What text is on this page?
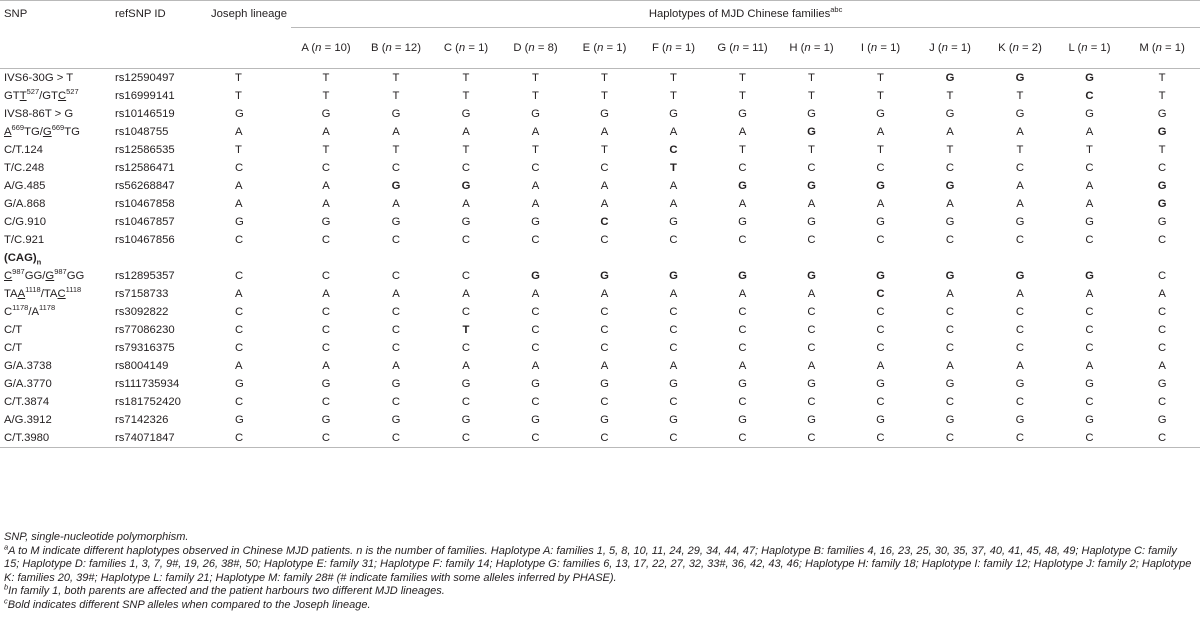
SNP	refSNP ID	Joseph lineage	Haplotypes of MJD Chinese families$^{abc}$
			A (n = 10)	B (n = 12)	C (n = 1)	D (n = 8)	E (n = 1)	F (n = 1)	G (n = 11)	H (n = 1)	I (n = 1)	J (n = 1)	K (n = 2)	L (n = 1)	M (n = 1)
IVS6-30G > T	rs12590497	T	T	T	T	T	T	T	T	T	T	G	G	G	T
GTT$^{527}$/GTC$^{527}$	rs16999141	T	T	T	T	T	T	T	T	T	T	T	T	C	T
IVS8-86T > G	rs10146519	G	G	G	G	G	G	G	G	G	G	G	G	G	G
$A^{669}TG/G^{669}TG$	rs1048755	A	A	A	A	A	A	A	A	G	A	A	A	A	G
C/T.124	rs12586535	T	T	T	T	T	T	C	T	T	T	T	T	T	T
T/C.248	rs12586471	C	C	C	C	C	C	T	C	C	C	C	C	C	C
A/G.485	rs56268847	A	A	G	G	A	A	A	G	G	G	G	A	A	G
G/A.868	rs10467858	A	A	A	A	A	A	A	A	A	A	A	A	A	G
C/G.910	rs10467857	G	G	G	G	G	C	G	G	G	G	G	G	G	G
T/C.921	rs10467856	C	C	C	C	C	C	C	C	C	C	C	C	C	C
$(CAG)_n$
$C^{987}GG/G^{987}GG$	rs12895357	C	C	C	C	G	G	G	G	G	G	G	G	G	C
$TAA^{1118}/TAC^{1118}$	rs7158733	A	A	A	A	A	A	A	A	A	C	A	A	A	A
$C^{1178}/A^{1178}$	rs3092822	C	C	C	C	C	C	C	C	C	C	C	C	C	C
C/T	rs77086230	C	C	C	T	C	C	C	C	C	C	C	C	C	C
C/T	rs79316375	C	C	C	C	C	C	C	C	C	C	C	C	C	C
G/A.3738	rs8004149	A	A	A	A	A	A	A	A	A	A	A	A	A	A
G/A.3770	rs111735934	G	G	G	G	G	G	G	G	G	G	G	G	G	G
C/T.3874	rs181752420	C	C	C	C	C	C	C	C	C	C	C	C	C	C
A/G.3912	rs7142326	G	G	G	G	G	G	G	G	G	G	G	G	G	G
C/T.3980	rs74071847	C	C	C	C	C	C	C	C	C	C	C	C	C	C

SNP, single-nucleotide polymorphism.

$^a$A to M indicate different haplotypes observed in Chinese MJD patients. n is the number of families. Haplotype A: families 1, 5, 8, 10, 11, 24, 29, 34, 44, 47; Haplotype B: families 4, 16, 23, 25, 30, 35, 37, 40, 41, 45, 48, 49; Haplotype C: family 15; Haplotype D: families 1, 3, 7, 9#, 19, 26, 38#, 50; Haplotype E: family 31; Haplotype F: family 14; Haplotype G: families 6, 13, 17, 22, 27, 32, 33#, 36, 42, 43, 46; Haplotype H: family 18; Haplotype I: family 12; Haplotype J: family 2; Haplotype K: families 20, 39#; Haplotype L: family 21; Haplotype M: family 28# (# indicate families with some alleles inferred by PHASE).

$^b$In family 1, both parents are affected and the patient harbours two different MJD lineages.

$^c$Bold indicates different SNP alleles when compared to the Joseph lineage.
